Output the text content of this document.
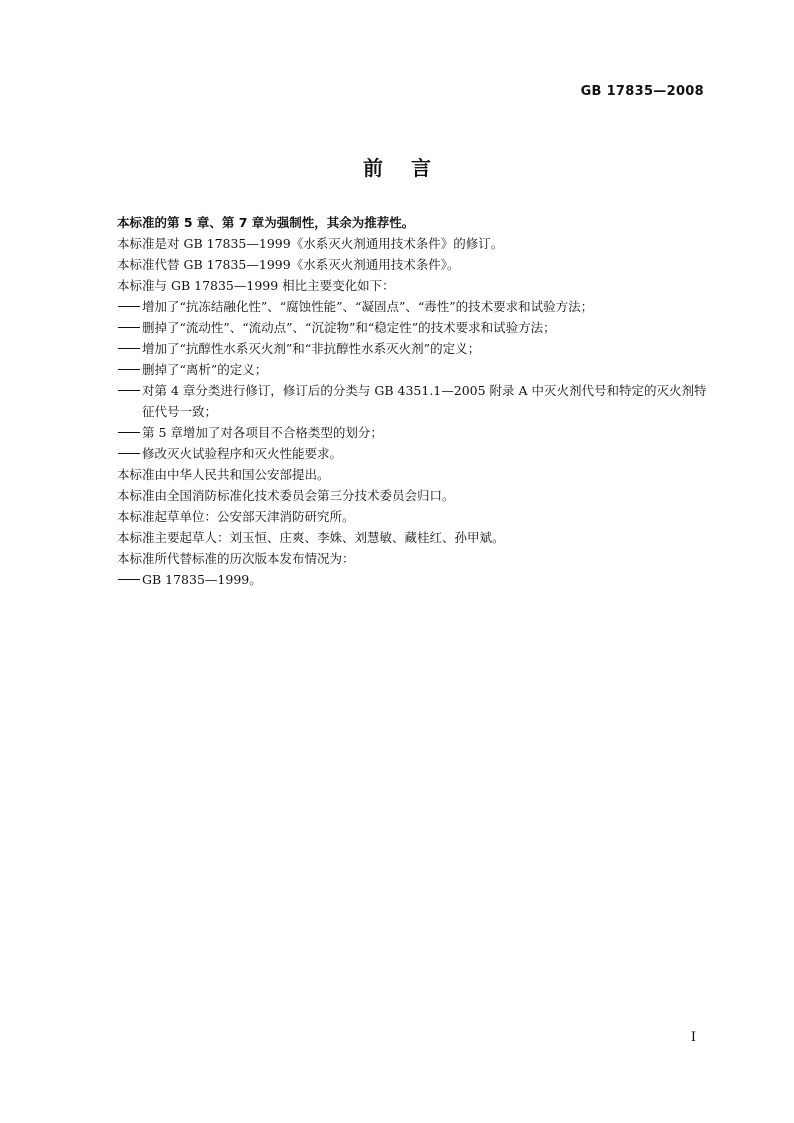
GB 17835—2008
前言

本标准的第 5 章、第 7 章为强制性，其余为推荐性。

本标准是对 GB 17835—1999《水系灭火剂通用技术条件》的修订。

本标准代替 GB 17835—1999《水系灭火剂通用技术条件》。

本标准与 GB 17835—1999 相比主要变化如下：

增加了“抗冻结融化性”、“腐蚀性能”、“凝固点”、“毒性”的技术要求和试验方法；
删掉了“流动性”、“流动点”、“沉淀物”和“稳定性”的技术要求和试验方法；
增加了“抗醇性水系灭火剂”和“非抗醇性水系灭火剂”的定义；
删掉了“离析”的定义；
对第 4 章分类进行修订，修订后的分类与 GB 4351.1—2005 附录 A 中灭火剂代号和特定的灭火剂特征代号一致；
第 5 章增加了对各项目不合格类型的划分；
修改灭火试验程序和灭火性能要求。

本标准由中华人民共和国公安部提出。

本标准由全国消防标准化技术委员会第三分技术委员会归口。

本标准起草单位：公安部天津消防研究所。

本标准主要起草人：刘玉恒、庄爽、李姝、刘慧敏、藏桂红、孙甲斌。

本标准所代替标准的历次版本发布情况为：

GB 17835—1999。
I
